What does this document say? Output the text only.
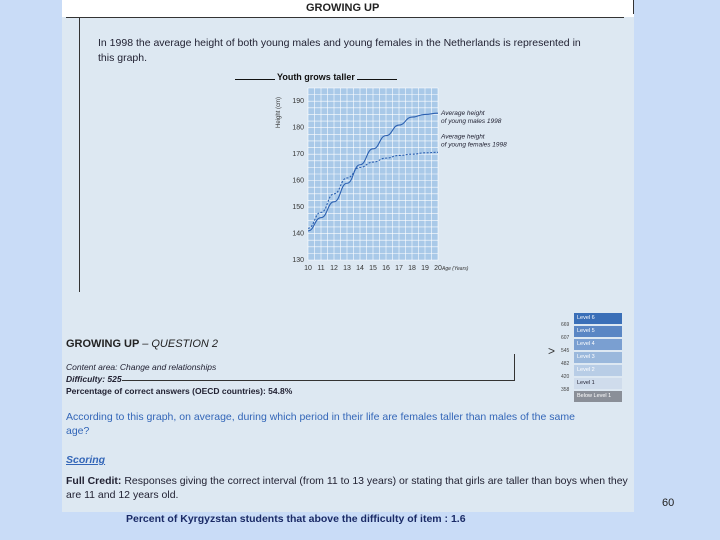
GROWING UP
In 1998 the average height of both young males and young females in the Netherlands is represented in this graph.
Youth grows taller
190
180
170
160
150
140
130
10 11 12 13 14 15 16 17 18 19 20 Age (Years)
Height (cm)	Average height
of young males 1998
Average height
of young females 1998
GROWING UP – QUESTION 2
Content area: Change and relationships
Difficulty: 525
Percentage of correct answers (OECD countries): 54.8%
>
According to this graph, on average, during which period in their life are females taller than males of the same age?
Scoring
Full Credit: Responses giving the correct interval (from 11 to 13 years) or stating that girls are taller than boys when they are 11 and 12 years old.
Level 6
Level 5
Level 4
Level 3
Level 2
Level 1
Below Level 1
669
607
545
482
420
358
60
Percent of Kyrgyzstan students that above the difficulty of item : 1.6
